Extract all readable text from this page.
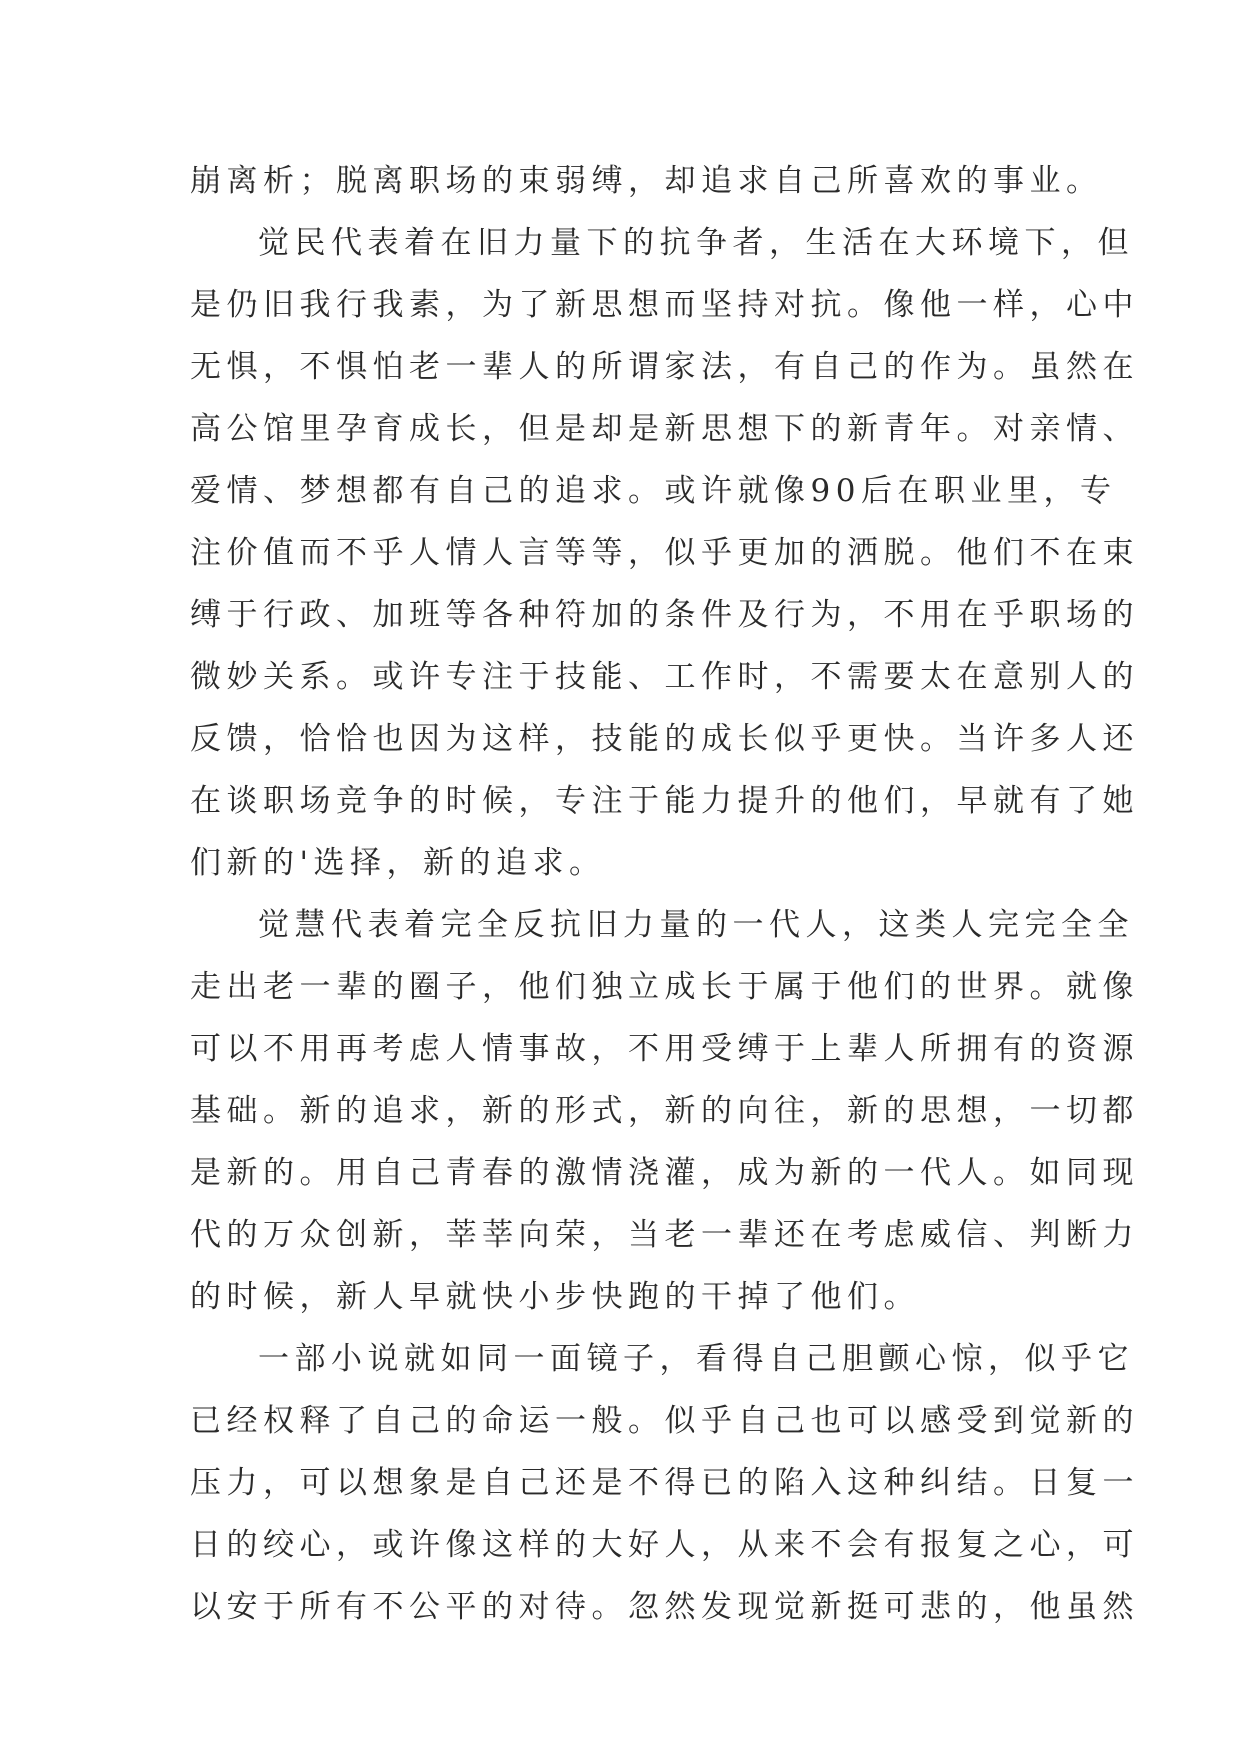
崩离析；脱离职场的束弱缚，却追求自己所喜欢的事业。
觉民代表着在旧力量下的抗争者，生活在大环境下，但
是仍旧我行我素，为了新思想而坚持对抗。像他一样，心中
无惧，不惧怕老一辈人的所谓家法，有自己的作为。虽然在
高公馆里孕育成长，但是却是新思想下的新青年。对亲情、
爱情、梦想都有自己的追求。或许就像90后在职业里，专
注价值而不乎人情人言等等，似乎更加的洒脱。他们不在束
缚于行政、加班等各种符加的条件及行为，不用在乎职场的
微妙关系。或许专注于技能、工作时，不需要太在意别人的
反馈，恰恰也因为这样，技能的成长似乎更快。当许多人还
在谈职场竞争的时候，专注于能力提升的他们，早就有了她
们新的'选择，新的追求。
觉慧代表着完全反抗旧力量的一代人，这类人完完全全
走出老一辈的圈子，他们独立成长于属于他们的世界。就像
可以不用再考虑人情事故，不用受缚于上辈人所拥有的资源
基础。新的追求，新的形式，新的向往，新的思想，一切都
是新的。用自己青春的激情浇灌，成为新的一代人。如同现
代的万众创新，莘莘向荣，当老一辈还在考虑威信、判断力
的时候，新人早就快小步快跑的干掉了他们。
一部小说就如同一面镜子，看得自己胆颤心惊，似乎它
已经权释了自己的命运一般。似乎自己也可以感受到觉新的
压力，可以想象是自己还是不得已的陷入这种纠结。日复一
日的绞心，或许像这样的大好人，从来不会有报复之心，可
以安于所有不公平的对待。忽然发现觉新挺可悲的，他虽然
